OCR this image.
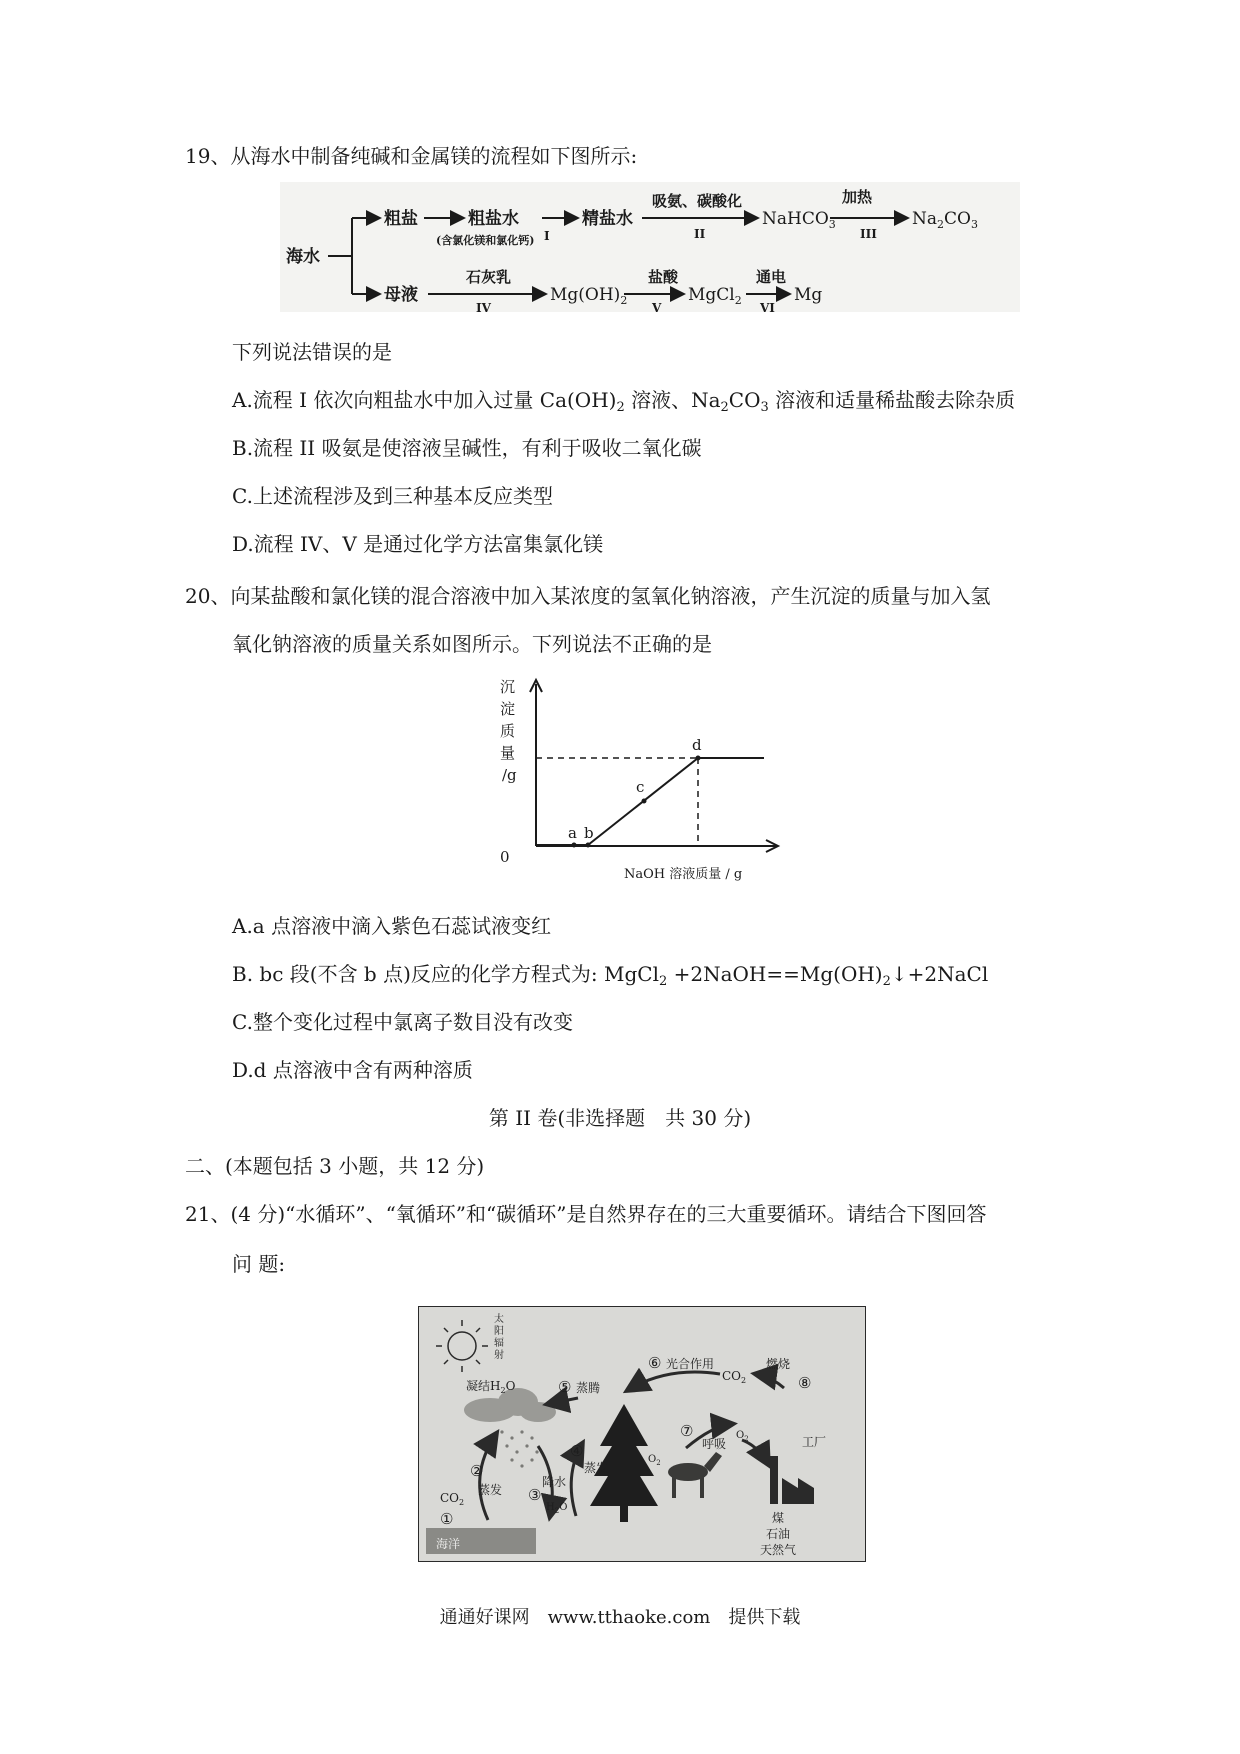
19、从海水中制备纯碱和金属镁的流程如下图所示:
海水
粗盐	粗盐水
(含氯化镁和氯化钙) I
精盐水
吸氨、碳酸化
II
NaHCO$_3$
加热
III
$Na_2CO_3$
母液
石灰乳
IV
$Mg(OH)_2$
盐酸
V
MgCl$_2$
通电
VI
Mg
下列说法错误的是
A.流程 I 依次向粗盐水中加入过量 $Ca(OH)_2$ 溶液、$Na_2CO_3$ 溶液和适量稀盐酸去除杂质
B.流程 II 吸氨是使溶液呈碱性，有利于吸收二氧化碳
C.上述流程涉及到三种基本反应类型
D.流程 IV、V 是通过化学方法富集氯化镁
20、向某盐酸和氯化镁的混合溶液中加入某浓度的氢氧化钠溶液，产生沉淀的质量与加入氢
氧化钠溶液的质量关系如图所示。下列说法不正确的是
沉
淀
质
量
/g
0
NaOH 溶液质量 / g
a b
c
d
A.a 点溶液中滴入紫色石蕊试液变红
B. bc 段(不含 b 点)反应的化学方程式为: MgCl$_2$ $+2NaOH==Mg(OH)_2↓+2NaCl$
C.整个变化过程中氯离子数目没有改变
D.d 点溶液中含有两种溶质
第 II 卷(非选择题　共 30 分)
二、(本题包括 3 小题，共 12 分)
21、(4 分)“水循环”、“氧循环”和“碳循环”是自然界存在的三大重要循环。请结合下图回答
问 题:
太
阳
辐
射
凝结$H_2O$
$CO_2$
①
②
蒸发 ③
降水
$H_2O$
④
蒸发
⑤ 蒸腾
⑥ 光合作用
$CO_2$
⑦
呼吸
$O_2$
燃烧
⑧
$O_2$	工厂
海洋
煤
石油
天然气
通通好课网　www.tthaoke.com　提供下载
